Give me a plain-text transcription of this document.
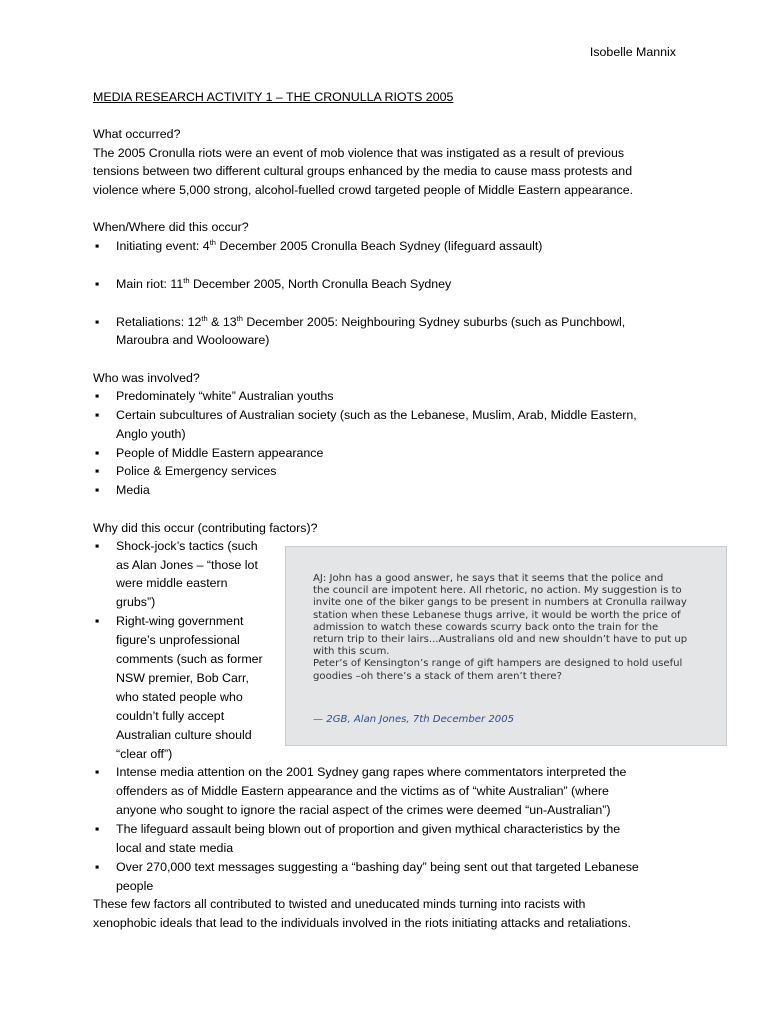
Isobelle Mannix
MEDIA RESEARCH ACTIVITY 1 – THE CRONULLA RIOTS 2005
What occurred?
The 2005 Cronulla riots were an event of mob violence that was instigated as a result of previous
tensions between two different cultural groups enhanced by the media to cause mass protests and
violence where 5,000 strong, alcohol-fuelled crowd targeted people of Middle Eastern appearance.
When/Where did this occur?
▪	Initiating event: 4th December 2005 Cronulla Beach Sydney (lifeguard assault)
▪	Main riot: 11th December 2005, North Cronulla Beach Sydney
▪	Retaliations: 12th & 13th December 2005: Neighbouring Sydney suburbs (such as Punchbowl,
Maroubra and Woolooware)
Who was involved?
▪	Predominately “white” Australian youths
▪	Certain subcultures of Australian society (such as the Lebanese, Muslim, Arab, Middle Eastern,
Anglo youth)
▪	People of Middle Eastern appearance
▪	Police & Emergency services
▪	Media
Why did this occur (contributing factors)?
▪	Shock-jock’s tactics (such
as Alan Jones – “those lot
were middle eastern
grubs”)
▪	Right-wing government
figure’s unprofessional
comments (such as former
NSW premier, Bob Carr,
who stated people who
couldn’t fully accept
Australian culture should
“clear off”)
AJ: John has a good answer, he says that it seems that the police and
the council are impotent here. All rhetoric, no action. My suggestion is to
invite one of the biker gangs to be present in numbers at Cronulla railway
station when these Lebanese thugs arrive, it would be worth the price of
admission to watch these cowards scurry back onto the train for the
return trip to their lairs...Australians old and new shouldn’t have to put up
with this scum.
Peter’s of Kensington’s range of gift hampers are designed to hold useful
goodies –oh there’s a stack of them aren’t there?
— 2GB, Alan Jones, 7th December 2005
▪	Intense media attention on the 2001 Sydney gang rapes where commentators interpreted the
offenders as of Middle Eastern appearance and the victims as of “white Australian” (where
anyone who sought to ignore the racial aspect of the crimes were deemed “un-Australian”)
▪	The lifeguard assault being blown out of proportion and given mythical characteristics by the
local and state media
▪	Over 270,000 text messages suggesting a “bashing day” being sent out that targeted Lebanese
people
These few factors all contributed to twisted and uneducated minds turning into racists with
xenophobic ideals that lead to the individuals involved in the riots initiating attacks and retaliations.
